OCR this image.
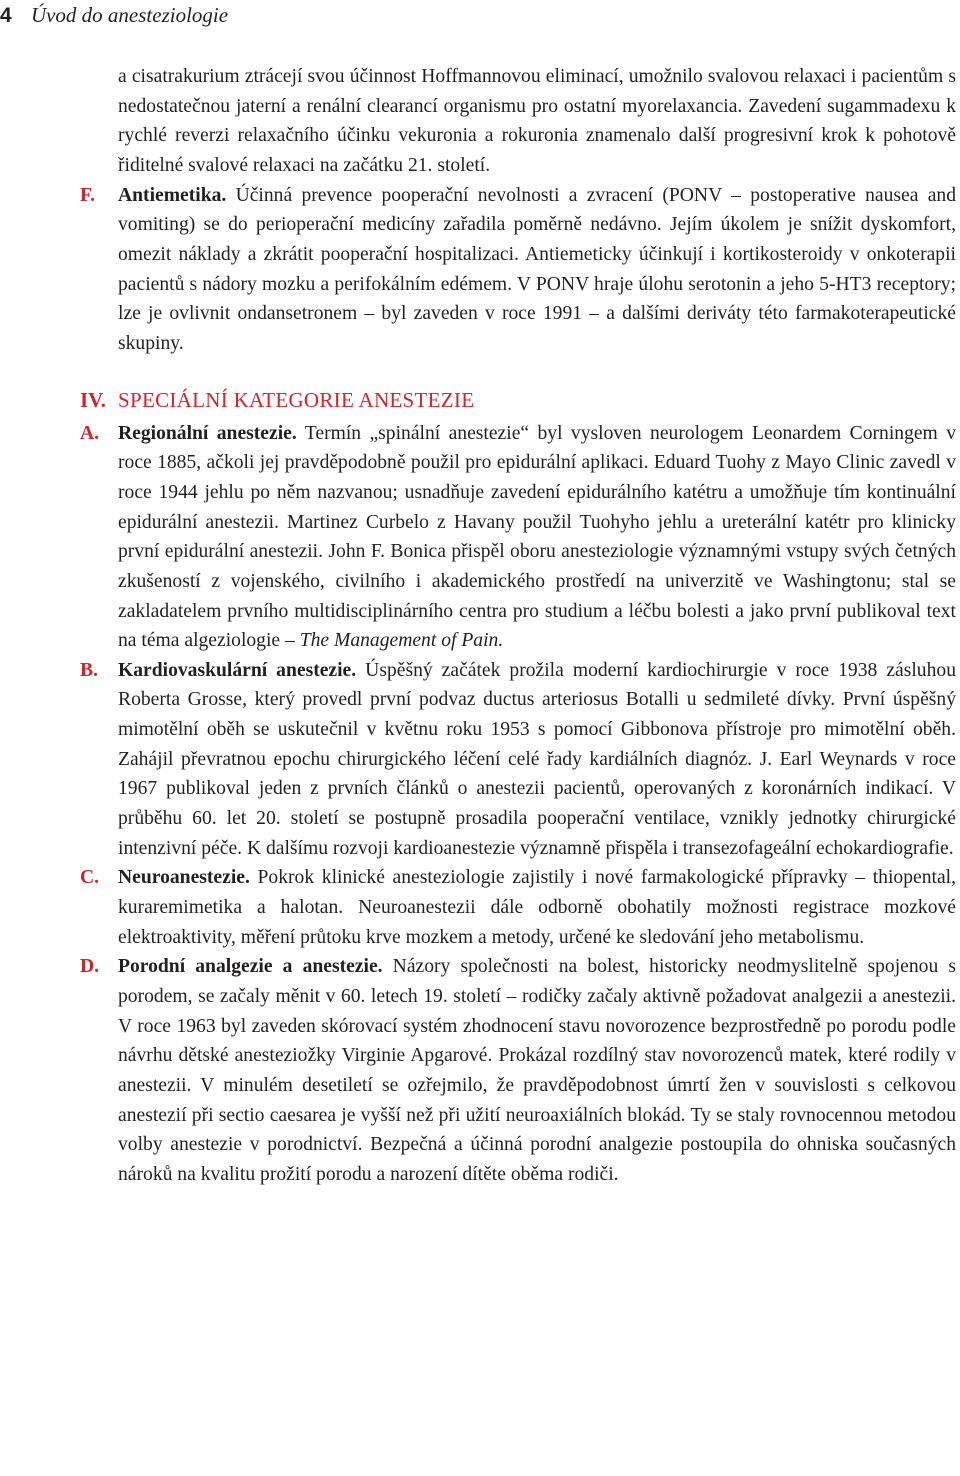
4 Úvod do anesteziologie
a cisatrakurium ztrácejí svou účinnost Hoffmannovou eliminací, umožnilo svalovou relaxaci i pacientům s nedostatečnou jaterní a renální clearancí organismu pro ostatní myorelaxancia. Zavedení sugammadexu k rychlé reverzi relaxačního účinku vekuronia a rokuronia znamenalo další progresivní krok k pohotově řiditelné svalové relaxaci na začátku 21. století.
F. Antiemetika. Účinná prevence pooperační nevolnosti a zvracení (PONV – postoperative nausea and vomiting) se do perioperační medicíny zařadila poměrně nedávno. Jejím úkolem je snížit dyskomfort, omezit náklady a zkrátit pooperační hospitalizaci. Antiemeticky účinkují i kortikosteroidy v onkoterapii pacientů s nádory mozku a perifokálním edémem. V PONV hraje úlohu serotonin a jeho 5-HT3 receptory; lze je ovlivnit ondansetronem – byl zaveden v roce 1991 – a dalšími deriváty této farmakoterapeutické skupiny.
IV. SPECIÁLNÍ KATEGORIE ANESTEZIE
A. Regionální anestezie. Termín „spinální anestezie“ byl vysloven neurologem Leonardem Corningem v roce 1885, ačkoli jej pravděpodobně použil pro epidurální aplikaci. Eduard Tuohy z Mayo Clinic zavedl v roce 1944 jehlu po něm nazvanou; usnadňuje zavedení epidurálního katétru a umožňuje tím kontinuální epidurální anestezii. Martinez Curbelo z Havany použil Tuohyho jehlu a ureterální katétr pro klinicky první epidurální anestezii. John F. Bonica přispěl oboru anesteziologie významnými vstupy svých četných zkušeností z vojenského, civilního i akademického prostředí na univerzitě ve Washingtonu; stal se zakladatelem prvního multidisciplinárního centra pro studium a léčbu bolesti a jako první publikoval text na téma algeziologie – The Management of Pain.
B. Kardiovaskulární anestezie. Úspěšný začátek prožila moderní kardiochirurgie v roce 1938 zásluhou Roberta Grosse, který provedl první podvaz ductus arteriosus Botalli u sedmileté dívky. První úspěšný mimotělní oběh se uskutečnil v květnu roku 1953 s pomocí Gibbonova přístroje pro mimotělní oběh. Zahájil převratnou epochu chirurgického léčení celé řady kardiálních diagnóz. J. Earl Weynards v roce 1967 publikoval jeden z prvních článků o anestezii pacientů, operovaných z koronárních indikací. V průběhu 60. let 20. století se postupně prosadila pooperační ventilace, vznikly jednotky chirurgické intenzivní péče. K dalšímu rozvoji kardioanestezie významně přispěla i transezofageální echokardiografie.
C. Neuroanestezie. Pokrok klinické anesteziologie zajistily i nové farmakologické přípravky – thiopental, kuraremimetika a halotan. Neuroanestezii dále odborně obohatily možnosti registrace mozkové elektroaktivity, měření průtoku krve mozkem a metody, určené ke sledování jeho metabolismu.
D. Porodní analgezie a anestezie. Názory společnosti na bolest, historicky neodmyslitelně spojenou s porodem, se začaly měnit v 60. letech 19. století – rodičky začaly aktivně požadovat analgezii a anestezii. V roce 1963 byl zaveden skórovací systém zhodnocení stavu novorozence bezprostředně po porodu podle návrhu dětské anesteziožky Virginie Apgarové. Prokázal rozdílný stav novorozenců matek, které rodily v anestezii. V minulém desetiletí se ozřejmilo, že pravděpodobnost úmrtí žen v souvislosti s celkovou anestezií při sectio caesarea je vyšší než při užití neuroaxiálních blokád. Ty se staly rovnocennou metodou volby anestezie v porodnictví. Bezpečná a účinná porodní analgezie postoupila do ohniska současných nároků na kvalitu prožití porodu a narození dítěte oběma rodiči.
